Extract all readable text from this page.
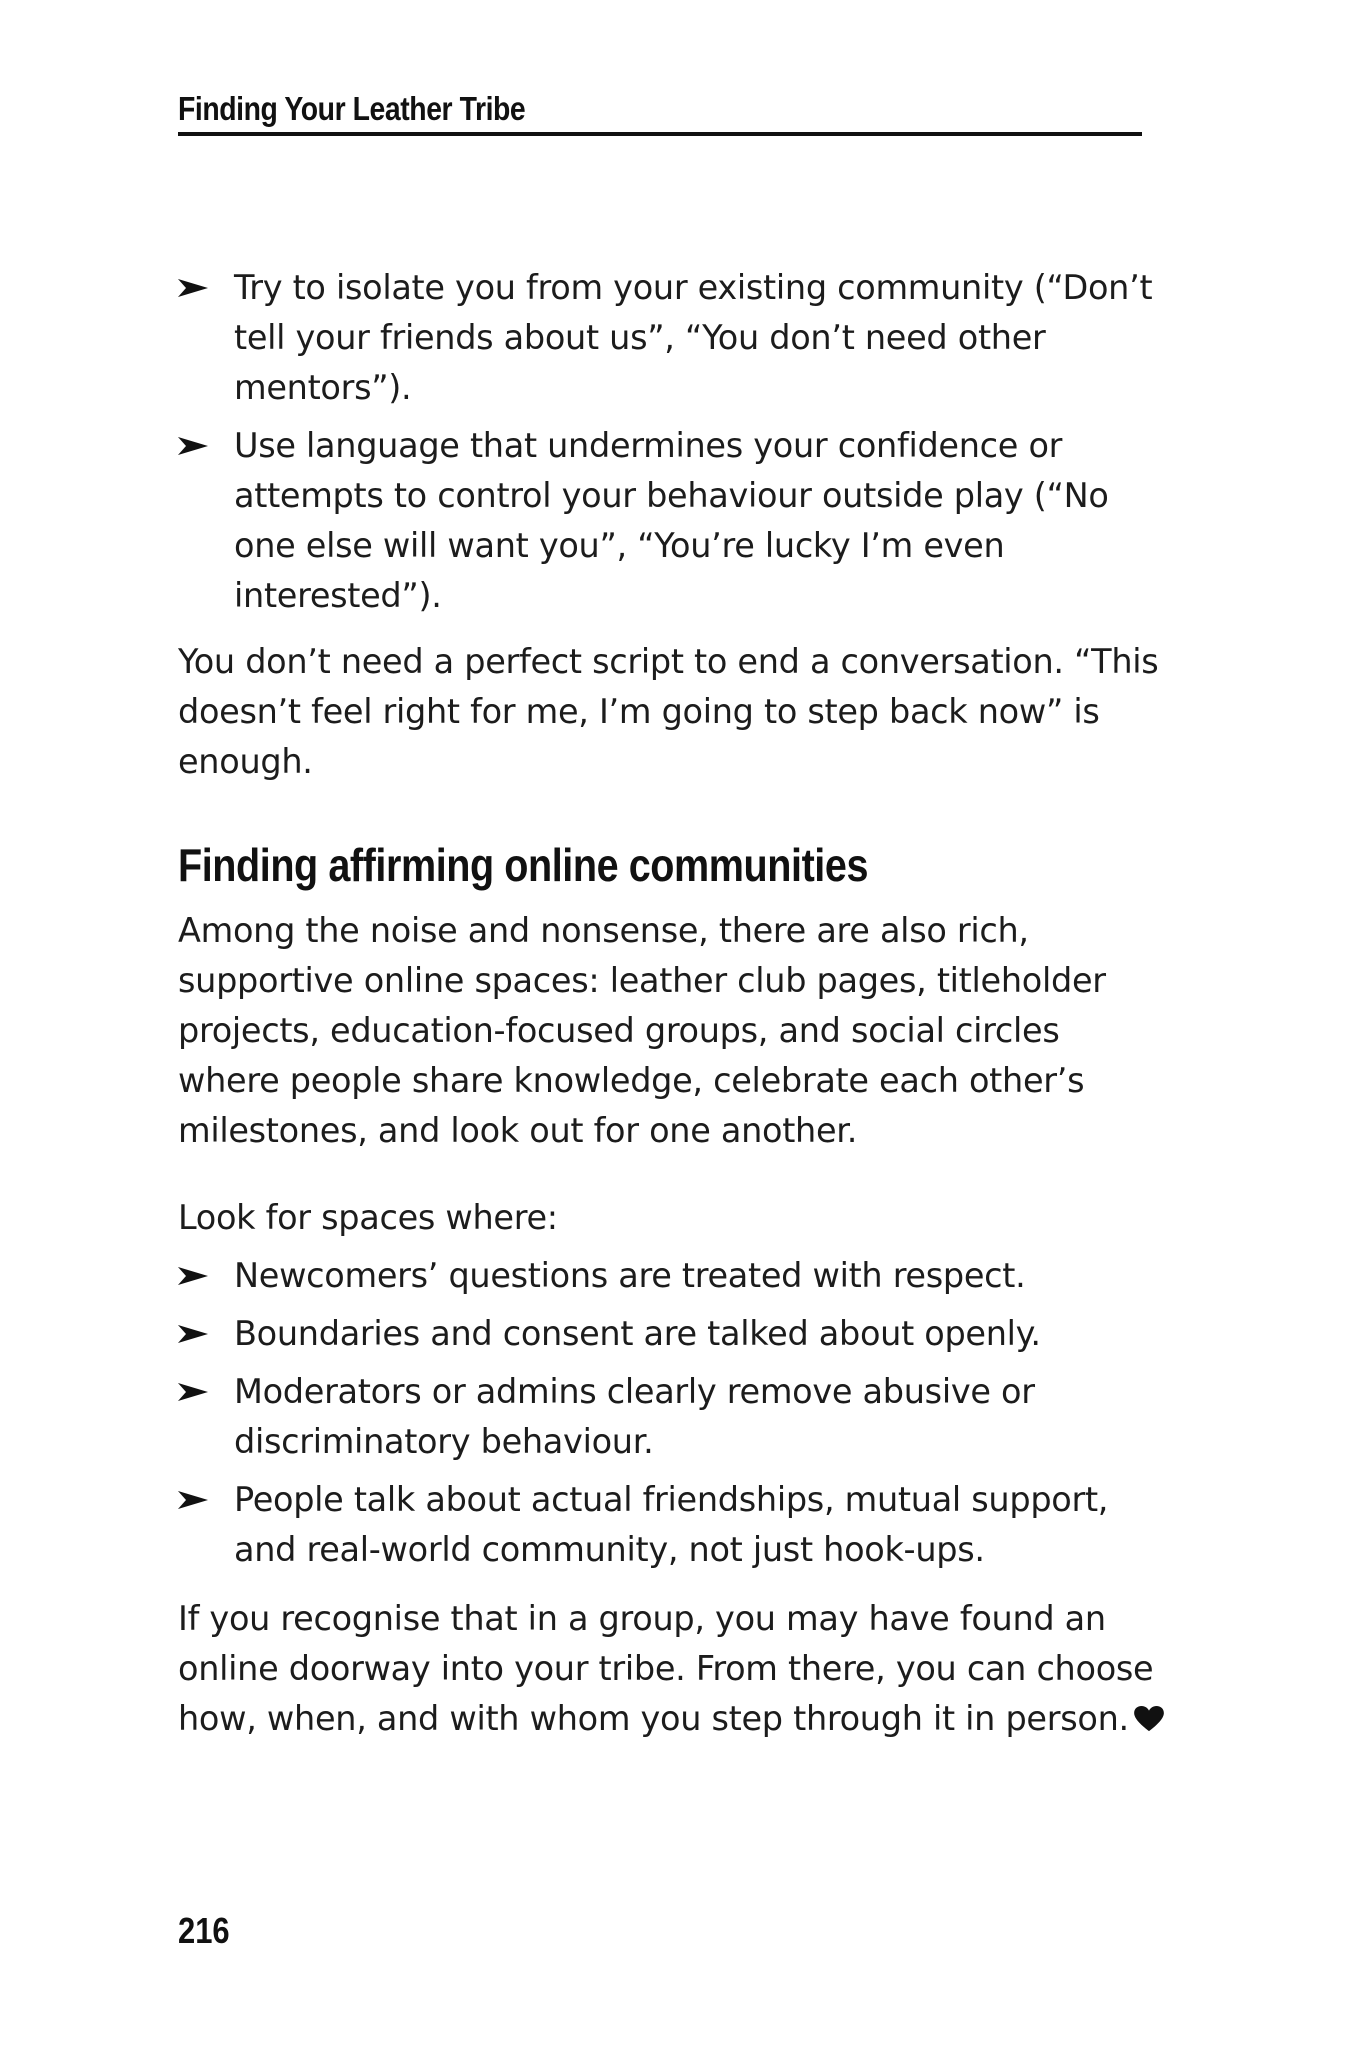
Finding Your Leather Tribe
Try to isolate you from your existing community (“Don’t tell your friends about us”, “You don’t need other mentors”).
Use language that undermines your confidence or attempts to control your behaviour outside play (“No one else will want you”, “You’re lucky I’m even interested”).

You don’t need a perfect script to end a conversation. “This doesn’t feel right for me, I’m going to step back now” is enough.

Finding affirming online communities

Among the noise and nonsense, there are also rich, supportive online spaces: leather club pages, titleholder projects, education-focused groups, and social circles where people share knowledge, celebrate each other’s milestones, and look out for one another.

Look for spaces where:

Newcomers’ questions are treated with respect.
Boundaries and consent are talked about openly.
Moderators or admins clearly remove abusive or discriminatory behaviour.
People talk about actual friendships, mutual support, and real-world community, not just hook-ups.

If you recognise that in a group, you may have found an online doorway into your tribe. From there, you can choose how, when, and with whom you step through it in person.

216
